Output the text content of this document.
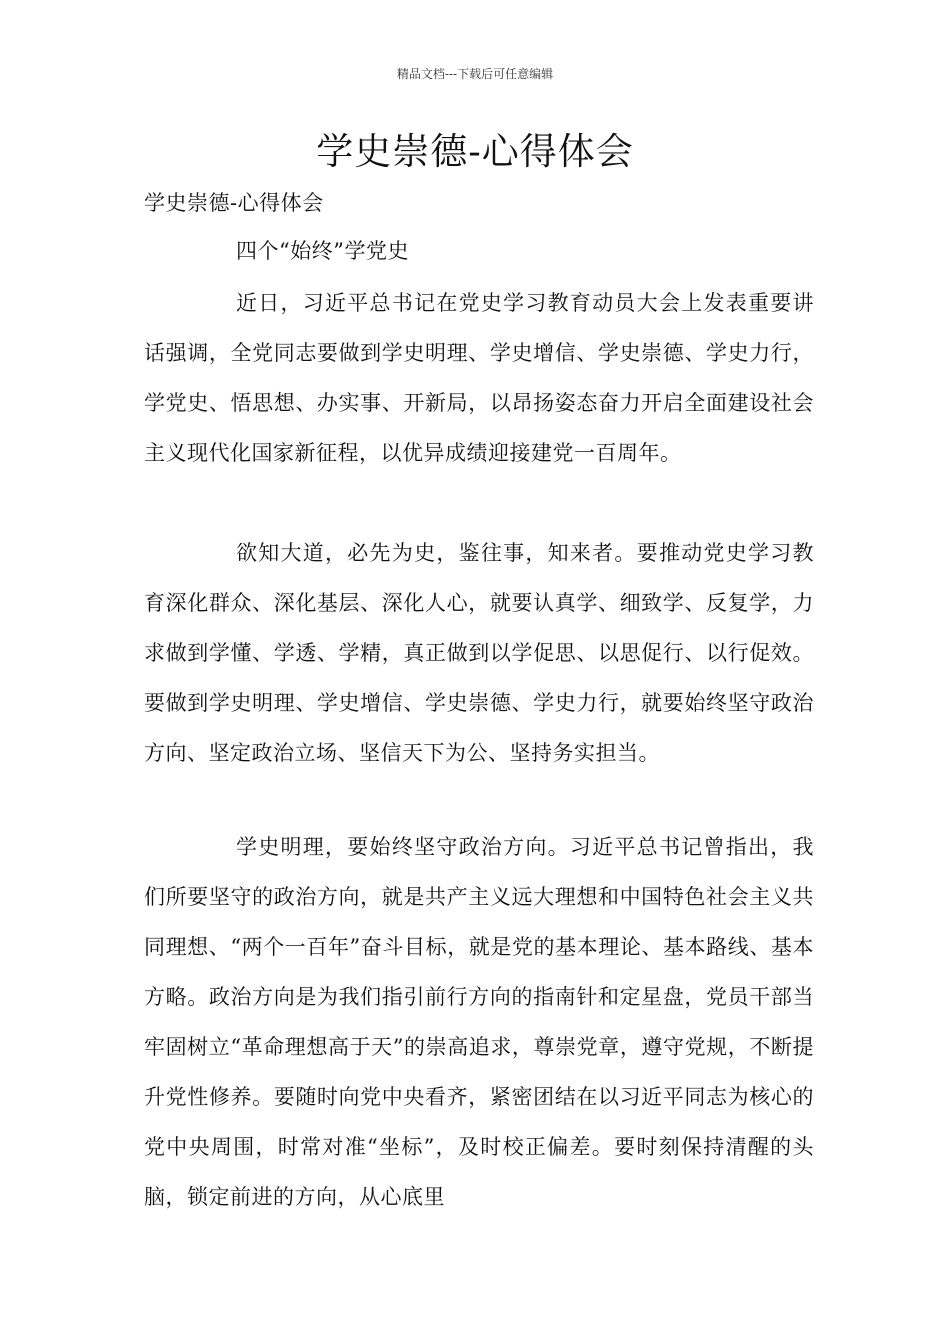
精品文档---下载后可任意编辑
学史崇德-心得体会

学史崇德-心得体会

四个“始终”学党史

近日，习近平总书记在党史学习教育动员大会上发表重要讲话强调，全党同志要做到学史明理、学史增信、学史崇德、学史力行，学党史、悟思想、办实事、开新局，以昂扬姿态奋力开启全面建设社会主义现代化国家新征程，以优异成绩迎接建党一百周年。

欲知大道，必先为史，鉴往事，知来者。要推动党史学习教育深化群众、深化基层、深化人心，就要认真学、细致学、反复学，力求做到学懂、学透、学精，真正做到以学促思、以思促行、以行促效。要做到学史明理、学史增信、学史崇德、学史力行，就要始终坚守政治方向、坚定政治立场、坚信天下为公、坚持务实担当。

学史明理，要始终坚守政治方向。习近平总书记曾指出，我们所要坚守的政治方向，就是共产主义远大理想和中国特色社会主义共同理想、“两个一百年”奋斗目标，就是党的基本理论、基本路线、基本方略。政治方向是为我们指引前行方向的指南针和定星盘，党员干部当牢固树立“革命理想高于天”的崇高追求，尊崇党章，遵守党规，不断提升党性修养。要随时向党中央看齐，紧密团结在以习近平同志为核心的党中央周围，时常对准“坐标”，及时校正偏差。要时刻保持清醒的头脑，锁定前进的方向，从心底里
